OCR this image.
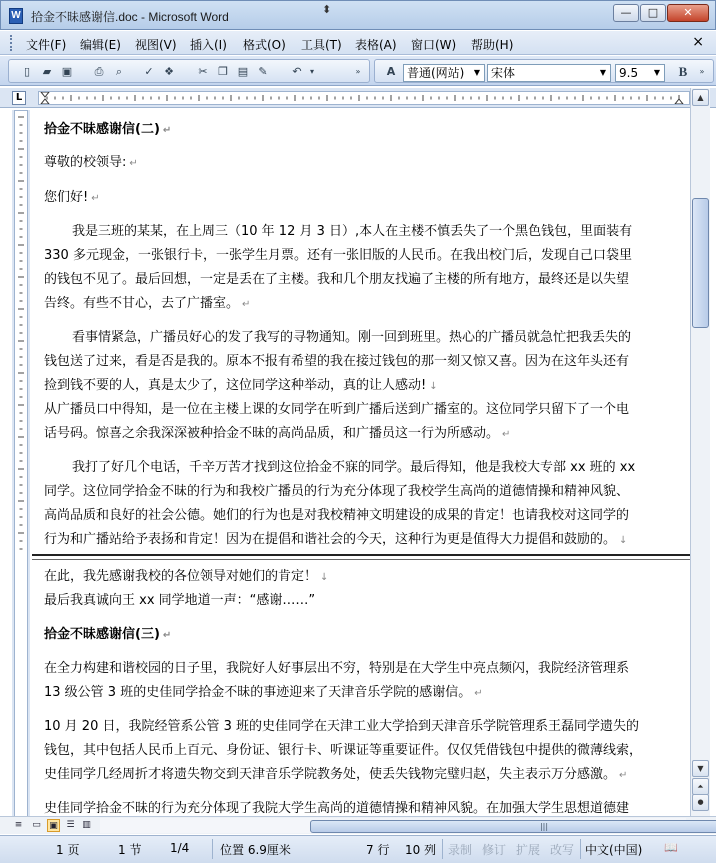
W 拾金不昧感谢信.doc - Microsoft Word
⬍	—	□	✕
文件(F) 编辑(E) 视图(V) 插入(I) 格式(O) 工具(T) 表格(A) 窗口(W) 帮助(H)	×
▯	▰ ▣	⎙	⌕	✓ ❖	✂ ❐ ▤ ✎	↶	▾	»	A 普通(网站)	▼ 宋体	▼	9.5	▼ B	»
L
拾金不昧感谢信(二) ↵
尊敬的校领导: ↵
您们好! ↵
我是三班的某某，在上周三（10 年 12 月 3 日）,本人在主楼不慎丢失了一个黑色钱包，里面装有
330 多元现金，一张银行卡，一张学生月票。还有一张旧版的人民币。在我出校门后，发现自己口袋里
的钱包不见了。最后回想，一定是丢在了主楼。我和几个朋友找遍了主楼的所有地方，最终还是以失望
告终。有些不甘心，去了广播室。 ↵
看事情紧急，广播员好心的发了我写的寻物通知。刚一回到班里。热心的广播员就急忙把我丢失的
钱包送了过来，看是否是我的。原本不报有希望的我在接过钱包的那一刻又惊又喜。因为在这年头还有
捡到钱不要的人，真是太少了，这位同学这种举动，真的让人感动! ↓
从广播员口中得知，是一位在主楼上课的女同学在听到广播后送到广播室的。这位同学只留下了一个电
话号码。惊喜之余我深深被种拾金不昧的高尚品质，和广播员这一行为所感动。 ↵
我打了好几个电话，千辛万苦才找到这位拾金不寐的同学。最后得知，他是我校大专部 xx 班的 xx
同学。这位同学拾金不昧的行为和我校广播员的行为充分体现了我校学生高尚的道德情操和精神风貌、
高尚品质和良好的社会公德。她们的行为也是对我校精神文明建设的成果的肯定！也请我校对这同学的
行为和广播站给予表扬和肯定！因为在提倡和谐社会的今天，这种行为更是值得大力提倡和鼓励的。 ↓
在此，我先感谢我校的各位领导对她们的肯定！ ↓
最后我真诚向王 xx 同学地道一声：“感谢……”
拾金不昧感谢信(三) ↵
在全力构建和谐校园的日子里，我院好人好事层出不穷，特别是在大学生中亮点频闪，我院经济管理系
13 级公管 3 班的史佳同学拾金不昧的事迹迎来了天津音乐学院的感谢信。 ↵
10 月 20 日，我院经管系公管 3 班的史佳同学在天津工业大学拾到天津音乐学院管理系王磊同学遗失的
钱包，其中包括人民币上百元、身份证、银行卡、听课证等重要证件。仅仅凭借钱包中提供的微薄线索，
史佳同学几经周折才将遗失物交到天津音乐学院教务处，使丢失钱物完璧归赵，失主表示万分感激。 ↵
史佳同学拾金不昧的行为充分体现了我院大学生高尚的道德情操和精神风貌。在加强大学生思想道德建
▲
▼
⏶
●
≡	▭ ▣ ☰ ▥	|||
1 页	1 节 1/4	位置 6.9厘米	7 行 10 列 录制 修订 扩展 改写 中文(中国) 📖
